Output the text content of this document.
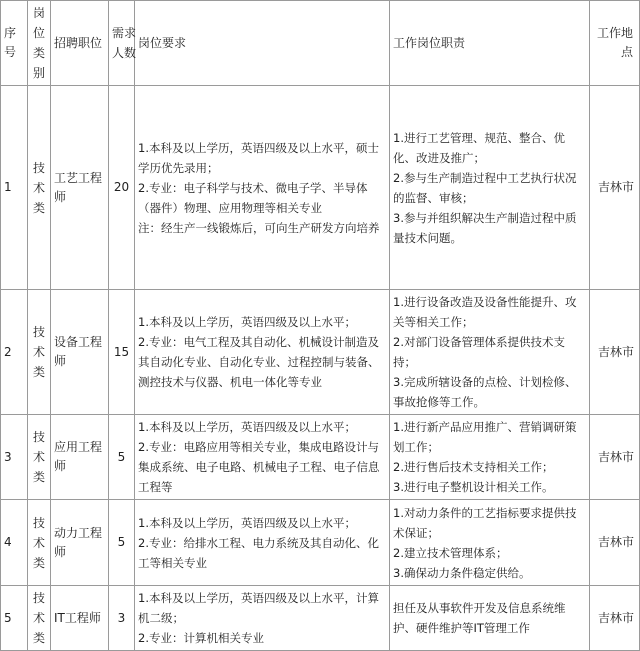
序号	岗位类别	招聘职位	需求人数	岗位要求	工作岗位职责	工作地点
1	技术类	工艺工程师	20	1.本科及以上学历，英语四级及以上水平，硕士学历优先录用；
2.专业：电子科学与技术、微电子学、半导体（器件）物理、应用物理等相关专业
注：经生产一线锻炼后，可向生产研发方向培养	1.进行工艺管理、规范、整合、优化、改进及推广；
2.参与生产制造过程中工艺执行状况的监督、审核；
3.参与并组织解决生产制造过程中质量技术问题。	吉林市
2	技术类	设备工程师	15	1.本科及以上学历，英语四级及以上水平；
2.专业：电气工程及其自动化、机械设计制造及其自动化专业、自动化专业、过程控制与装备、测控技术与仪器、机电一体化等专业	1.进行设备改造及设备性能提升、攻关等相关工作；
2.对部门设备管理体系提供技术支持；
3.完成所辖设备的点检、计划检修、事故抢修等工作。	吉林市
3	技术类	应用工程师	5	1.本科及以上学历，英语四级及以上水平；
2.专业：电路应用等相关专业，集成电路设计与集成系统、电子电路、机械电子工程、电子信息工程等	1.进行新产品应用推广、营销调研策划工作；
2.进行售后技术支持相关工作；
3.进行电子整机设计相关工作。	吉林市
4	技术类	动力工程师	5	1.本科及以上学历，英语四级及以上水平；
2.专业：给排水工程、电力系统及其自动化、化工等相关专业	1.对动力条件的工艺指标要求提供技术保证；
2.建立技术管理体系；
3.确保动力条件稳定供给。	吉林市
5	技术类	IT工程师	3	1.本科及以上学历，英语四级及以上水平，计算机二级；
2.专业：计算机相关专业	担任及从事软件开发及信息系统维护、硬件维护等IT管理工作	吉林市
